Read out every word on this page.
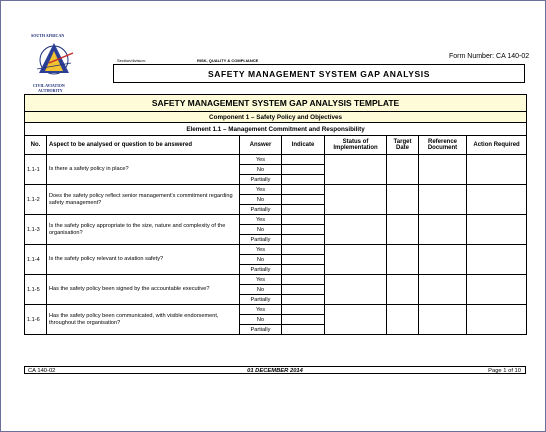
SOUTH AFRICAN
CIVIL AVIATION
AUTHORITY
Section/division:	RISK, QUALITY & COMPLIANCE
Form Number: CA 140-02
SAFETY MANAGEMENT SYSTEM GAP ANALYSIS
SAFETY MANAGEMENT SYSTEM GAP ANALYSIS TEMPLATE							
Component 1 – Safety Policy and Objectives							
Element 1.1 – Management Commitment and Responsibility							
No.	Aspect to be analysed or question to be answered	Answer	Indicate	Status of Implementation	Target Date	Reference Document	Action Required
1.1-1	Is there a safety policy in place?	Yes					
		No					
		Partially					
1.1-2	Does the safety policy reflect senior management's commitment regarding safety management?	Yes					
		No					
		Partially					
1.1-3	Is the safety policy appropriate to the size, nature and complexity of the organisation?	Yes					
		No					
		Partially					
1.1-4	Is the safety policy relevant to aviation safety?	Yes					
		No					
		Partially					
1.1-5	Has the safety policy been signed by the accountable executive?	Yes					
		No					
		Partially					
1.1-6	Has the safety policy been communicated, with visible endorsement, throughout the organisation?	Yes					
		No					
		Partially					
01 DECEMBER 2014
CA 140-02	Page 1 of 10
